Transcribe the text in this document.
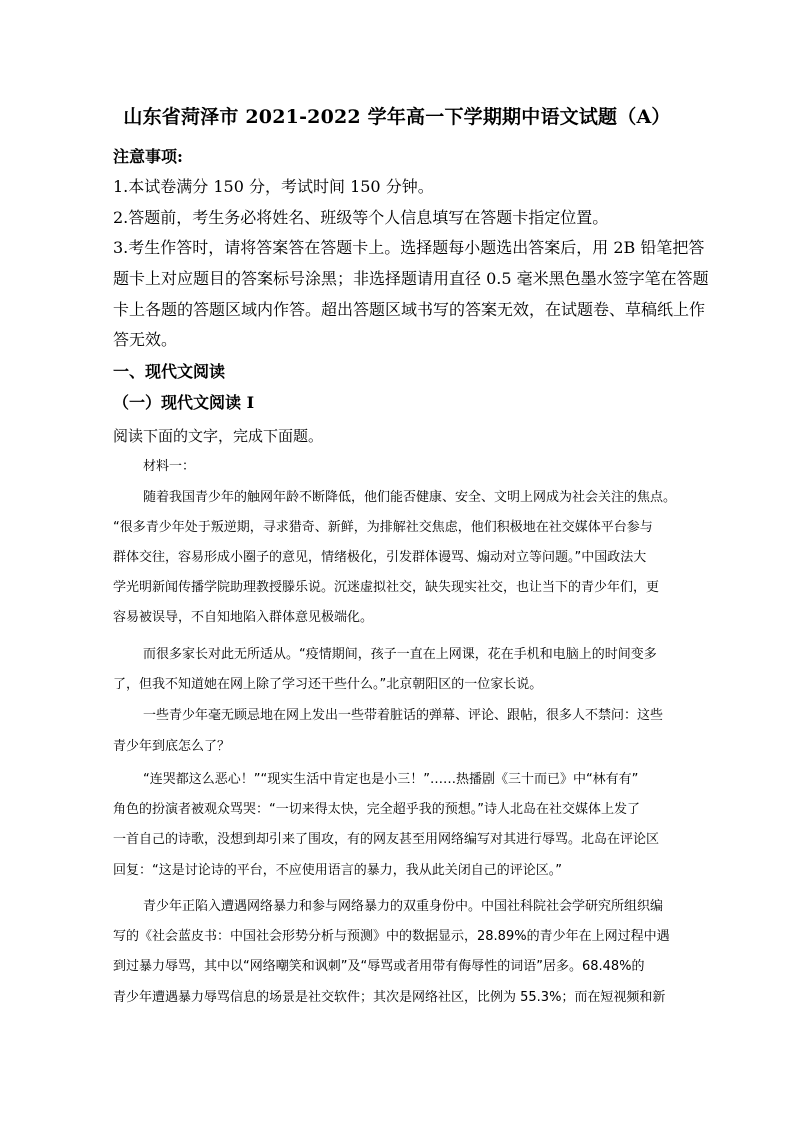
山东省菏泽市 2021-2022 学年高一下学期期中语文试题（A）
注意事项:
1.本试卷满分 150 分，考试时间 150 分钟。
2.答题前，考生务必将姓名、班级等个人信息填写在答题卡指定位置。
3.考生作答时，请将答案答在答题卡上。选择题每小题选出答案后，用 2B 铅笔把答
题卡上对应题目的答案标号涂黑；非选择题请用直径 0.5 毫米黑色墨水签字笔在答题
卡上各题的答题区域内作答。超出答题区域书写的答案无效，在试题卷、草稿纸上作
答无效。
一、现代文阅读
（一）现代文阅读 I
阅读下面的文字，完成下面题。
材料一：
随着我国青少年的触网年龄不断降低，他们能否健康、安全、文明上网成为社会关注的焦点。
“很多青少年处于叛逆期，寻求猎奇、新鲜，为排解社交焦虑，他们积极地在社交媒体平台参与
群体交往，容易形成小圈子的意见，情绪极化，引发群体谩骂、煽动对立等问题。”中国政法大
学光明新闻传播学院助理教授滕乐说。沉迷虚拟社交，缺失现实社交，也让当下的青少年们，更
容易被误导，不自知地陷入群体意见极端化。
而很多家长对此无所适从。“疫情期间，孩子一直在上网课，花在手机和电脑上的时间变多
了，但我不知道她在网上除了学习还干些什么。”北京朝阳区的一位家长说。
一些青少年毫无顾忌地在网上发出一些带着脏话的弹幕、评论、跟帖，很多人不禁问：这些
青少年到底怎么了？
“连哭都这么恶心！”“现实生活中肯定也是小三！”……热播剧《三十而已》中“林有有”
角色的扮演者被观众骂哭：“一切来得太快，完全超乎我的预想。”诗人北岛在社交媒体上发了
一首自己的诗歌，没想到却引来了围攻，有的网友甚至用网络编写对其进行辱骂。北岛在评论区
回复：“这是讨论诗的平台，不应使用语言的暴力，我从此关闭自己的评论区。”
青少年正陷入遭遇网络暴力和参与网络暴力的双重身份中。中国社科院社会学研究所组织编
写的《社会蓝皮书：中国社会形势分析与预测》中的数据显示，28.89%的青少年在上网过程中遇
到过暴力辱骂，其中以“网络嘲笑和讽刺”及“辱骂或者用带有侮辱性的词语”居多。68.48%的
青少年遭遇暴力辱骂信息的场景是社交软件；其次是网络社区，比例为 55.3%；而在短视频和新
